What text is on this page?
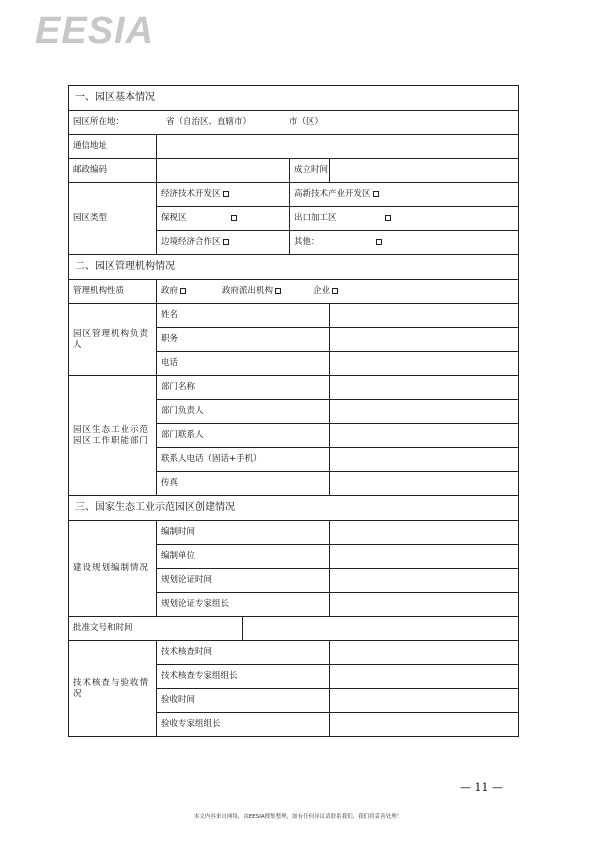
EESIA
一、园区基本情况				
园区所在地： 省（自治区、直辖市） 市（区）				
通信地址				
邮政编码			成立时间	
园区类型	经济技术开发区		高新技术产业开发区	
	保税区		出口加工区	
	边境经济合作区		其他：	
二、园区管理机构情况				
管理机构性质	政府 政府派出机构 企业			
园区管理机构负责人	姓名			
	职务			
	电话			
园区生态工业示范园区工作职能部门	部门名称			
	部门负责人			
	部门联系人			
	联系人电话（固话+手机）			
	传真			
三、国家生态工业示范园区创建情况				
建设规划编制情况	编制时间			
	编制单位			
	规划论证时间			
	规划论证专家组长			
批准文号和时间				
技术核查与验收情况	技术核查时间			
	技术核查专家组组长			
	验收时间			
	验收专家组组长			
— 11 —
本文内容来自网络，由EESIA搜集整理，如有任何异议请联系我们，我们将妥善处理！
